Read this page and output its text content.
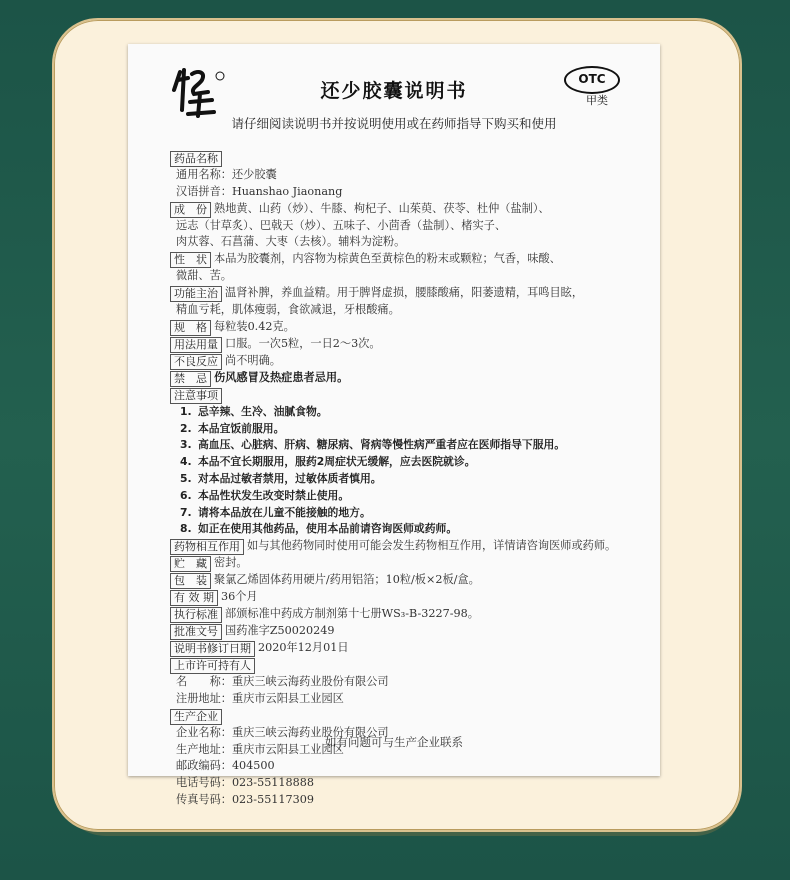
还少胶囊说明书
OTC
甲类
请仔细阅读说明书并按说明使用或在药师指导下购买和使用
药品名称
通用名称：还少胶囊
汉语拼音：Huanshao Jiaonang
成　份 熟地黄、山药（炒）、牛膝、枸杞子、山茱萸、茯苓、杜仲（盐制）、
远志（甘草炙）、巴戟天（炒）、五味子、小茴香（盐制）、楮实子、
肉苁蓉、石菖蒲、大枣（去核）。辅料为淀粉。
性　状 本品为胶囊剂，内容物为棕黄色至黄棕色的粉末或颗粒；气香，味酸、
微甜、苦。
功能主治 温肾补脾，养血益精。用于脾肾虚损，腰膝酸痛，阳萎遗精，耳鸣目眩，
精血亏耗，肌体瘦弱，食欲减退，牙根酸痛。
规　格 每粒装0.42克。
用法用量 口服。一次5粒，一日2～3次。
不良反应 尚不明确。
禁　忌 伤风感冒及热症患者忌用。
注意事项
1. 忌辛辣、生冷、油腻食物。
2. 本品宜饭前服用。
3. 高血压、心脏病、肝病、糖尿病、肾病等慢性病严重者应在医师指导下服用。
4. 本品不宜长期服用，服药2周症状无缓解，应去医院就诊。
5. 对本品过敏者禁用，过敏体质者慎用。
6. 本品性状发生改变时禁止使用。
7. 请将本品放在儿童不能接触的地方。
8. 如正在使用其他药品，使用本品前请咨询医师或药师。
药物相互作用 如与其他药物同时使用可能会发生药物相互作用，详情请咨询医师或药师。
贮　藏 密封。
包　装 聚氯乙烯固体药用硬片/药用铝箔；10粒/板×2板/盒。
有 效 期 36个月
执行标准 部颁标准中药成方制剂第十七册WS₃-B-3227-98。
批准文号 国药准字Z50020249
说明书修订日期 2020年12月01日
上市许可持有人
名　　称：重庆三峡云海药业股份有限公司
注册地址：重庆市云阳县工业园区
生产企业
企业名称：重庆三峡云海药业股份有限公司
生产地址：重庆市云阳县工业园区
邮政编码：404500
电话号码：023-55118888
传真号码：023-55117309
如有问题可与生产企业联系
